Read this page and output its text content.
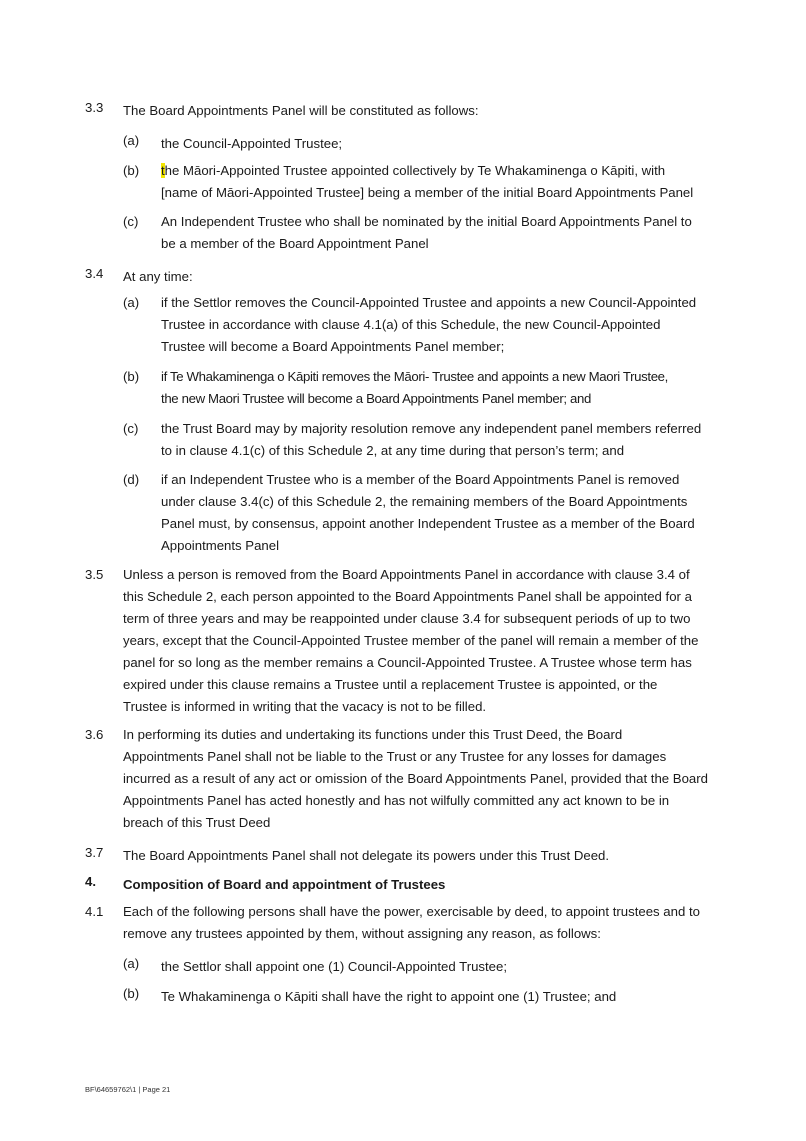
3.3 The Board Appointments Panel will be constituted as follows:
(a) the Council-Appointed Trustee;
(b) the Māori-Appointed Trustee appointed collectively by Te Whakaminenga o Kāpiti, with
[name of Māori-Appointed Trustee] being a member of the initial Board Appointments Panel
(c) An Independent Trustee who shall be nominated by the initial Board Appointments Panel to
be a member of the Board Appointment Panel
3.4 At any time:
(a) if the Settlor removes the Council-Appointed Trustee and appoints a new Council-Appointed
Trustee in accordance with clause 4.1(a) of this Schedule, the new Council-Appointed
Trustee will become a Board Appointments Panel member;
(b) if Te Whakaminenga o Kāpiti removes the Māori- Trustee and appoints a new Maori Trustee,
the new Maori Trustee will become a Board Appointments Panel member; and
(c) the Trust Board may by majority resolution remove any independent panel members referred
to in clause 4.1(c) of this Schedule 2, at any time during that person’s term; and
(d) if an Independent Trustee who is a member of the Board Appointments Panel is removed
under clause 3.4(c) of this Schedule 2, the remaining members of the Board Appointments
Panel must, by consensus, appoint another Independent Trustee as a member of the Board
Appointments Panel
3.5 Unless a person is removed from the Board Appointments Panel in accordance with clause 3.4 of
this Schedule 2, each person appointed to the Board Appointments Panel shall be appointed for a
term of three years and may be reappointed under clause 3.4 for subsequent periods of up to two
years, except that the Council-Appointed Trustee member of the panel will remain a member of the
panel for so long as the member remains a Council-Appointed Trustee. A Trustee whose term has
expired under this clause remains a Trustee until a replacement Trustee is appointed, or the
Trustee is informed in writing that the vacacy is not to be filled.
3.6 In performing its duties and undertaking its functions under this Trust Deed, the Board
Appointments Panel shall not be liable to the Trust or any Trustee for any losses for damages
incurred as a result of any act or omission of the Board Appointments Panel, provided that the Board
Appointments Panel has acted honestly and has not wilfully committed any act known to be in
breach of this Trust Deed
3.7 The Board Appointments Panel shall not delegate its powers under this Trust Deed.
4. Composition of Board and appointment of Trustees
4.1 Each of the following persons shall have the power, exercisable by deed, to appoint trustees and to
remove any trustees appointed by them, without assigning any reason, as follows:
(a) the Settlor shall appoint one (1) Council-Appointed Trustee;
(b) Te Whakaminenga o Kāpiti shall have the right to appoint one (1) Trustee; and
BF\64659762\1 | Page 21
